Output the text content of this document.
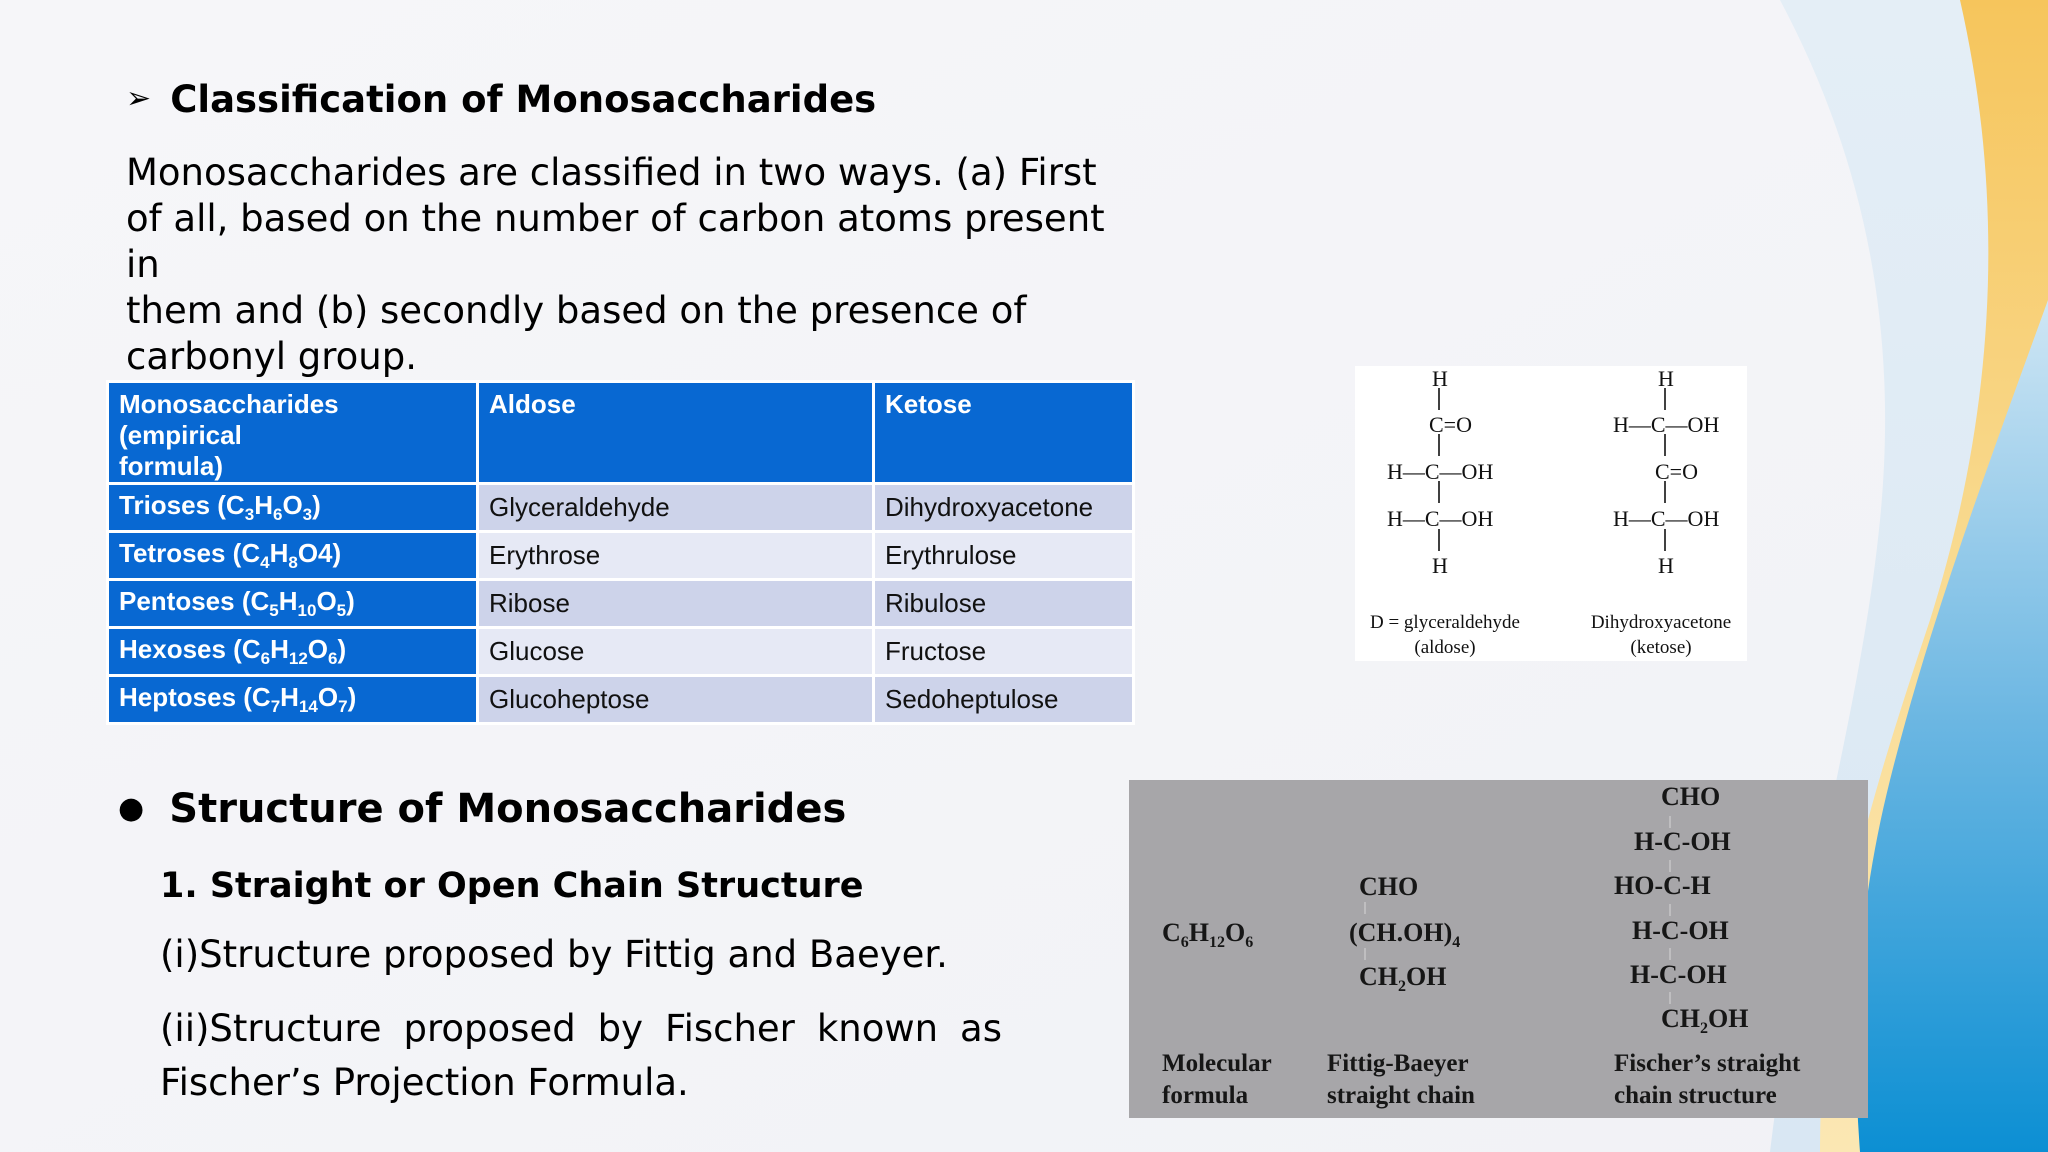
➢ Classification of Monosaccharides
Monosaccharides are classified in two ways. (a) First
of all, based on the number of carbon atoms present in
them and (b) secondly based on the presence of
carbonyl group.
Monosaccharides (empirical
formula)	Aldose	Ketose
Trioses $(C_3H_6O_3)$	Glyceraldehyde	Dihydroxyacetone
Tetroses $(C_4H_8O4)$	Erythrose	Erythrulose
Pentoses $(C_5H_{10}O_5)$	Ribose	Ribulose
Hexoses $(C_6H_{12}O_6)$	Glucose	Fructose
Heptoses $(C_7H_{14}O_7)$	Glucoheptose	Sedoheptulose
H
C=O
H—C—OH
H—C—OH
H
D = glyceraldehyde
(aldose)
H
H—C—OH
C=O
H—C—OH
H
Dihydroxyacetone
(ketose)
● Structure of Monosaccharides
1. Straight or Open Chain Structure
(i)Structure proposed by Fittig and Baeyer.
(ii)Structure proposed by Fischer known as
Fischer’s Projection Formula.
$C_6H_{12}O_6$
Molecular
formula
CHO
$(CH.OH)_4$
$CH_2OH$
Fittig-Baeyer
straight chain
CHO
H-C-OH
HO-C-H
H-C-OH
H-C-OH
$CH_2OH$
Fischer’s straight
chain structure
